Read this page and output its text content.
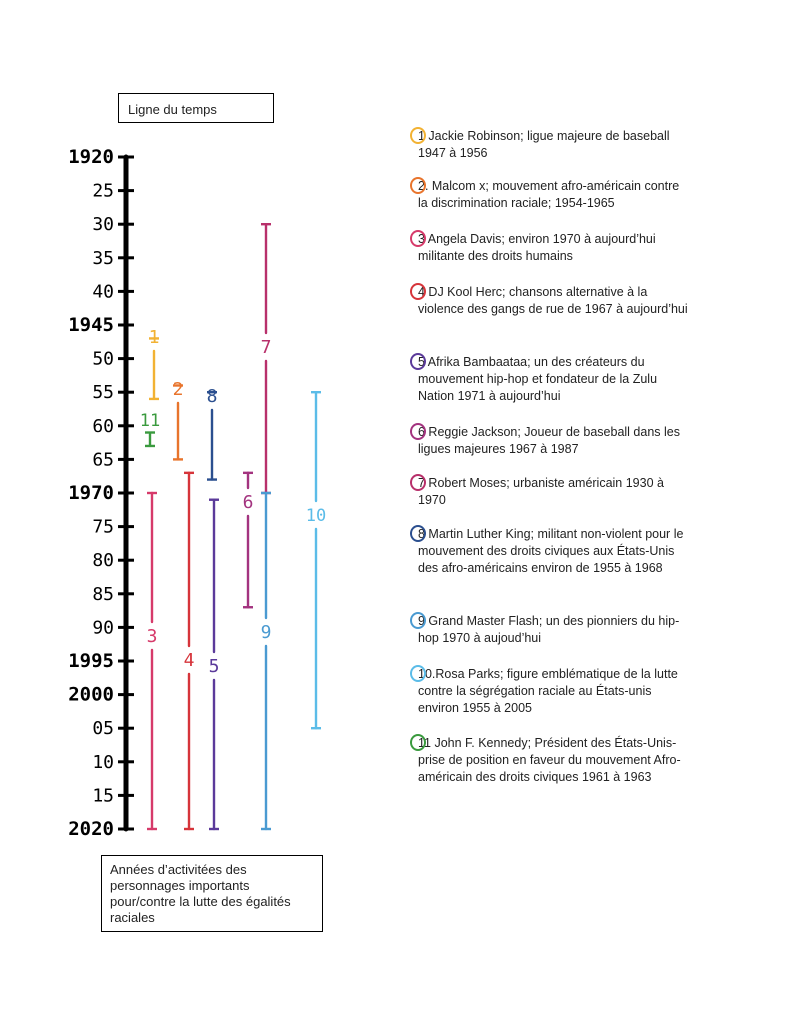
Ligne du temps
1920
25
30
35
40
1945
50
55
60
65
1970
75
80
85
90
1995
2000
05
10
15
2020
1
2
3
4 5
6
7
8
9
10
11
1 Jackie Robinson; ligue majeure de baseball 1947 à 1956
2. Malcom x; mouvement afro-américain contre la discrimination raciale; 1954-1965
3 Angela Davis; environ 1970 à aujourd’hui militante des droits humains
4 DJ Kool Herc; chansons alternative à la violence des gangs de rue de 1967 à aujourd’hui
5 Afrika Bambaataa; un des créateurs du mouvement hip-hop et fondateur de la Zulu Nation 1971 à aujourd’hui
6 Reggie Jackson; Joueur de baseball dans les ligues majeures 1967 à 1987
7 Robert Moses; urbaniste américain 1930 à 1970
8 Martin Luther King; militant non-violent pour le mouvement des droits civiques aux États-Unis des afro-américains environ de 1955 à 1968
9 Grand Master Flash; un des pionniers du hip-hop 1970 à aujoud’hui
10.Rosa Parks; figure emblématique de la lutte contre la ségrégation raciale au États-unis environ 1955 à 2005
11 John F. Kennedy; Président des États-Unis- prise de position en faveur du mouvement Afro-américain des droits civiques 1961 à 1963
Années d’activitées des personnages importants pour/contre la lutte des égalités raciales
